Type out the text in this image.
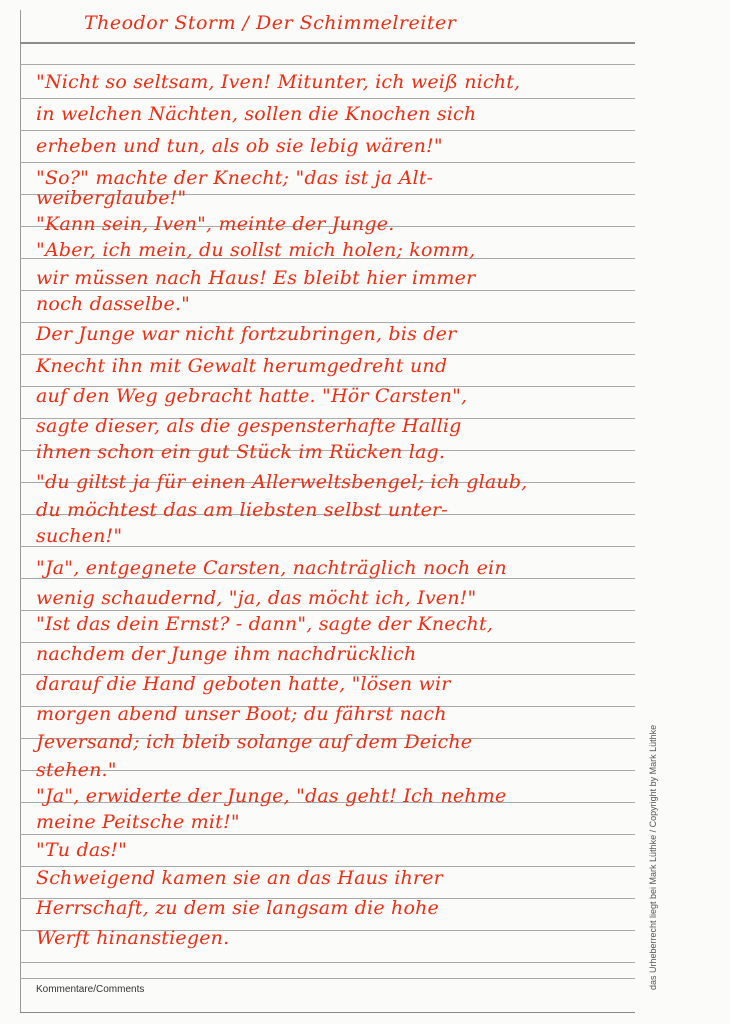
Theodor Storm / Der Schimmelreiter
"Nicht so seltsam, Iven! Mitunter, ich weiß nicht,
in welchen Nächten, sollen die Knochen sich
erheben und tun, als ob sie lebig wären!"
"So?" machte der Knecht; "das ist ja Alt-
weiberglaube!"
"Kann sein, Iven", meinte der Junge.
"Aber, ich mein, du sollst mich holen; komm,
wir müssen nach Haus! Es bleibt hier immer
noch dasselbe."
Der Junge war nicht fortzubringen, bis der
Knecht ihn mit Gewalt herumgedreht und
auf den Weg gebracht hatte. "Hör Carsten",
sagte dieser, als die gespensterhafte Hallig
ihnen schon ein gut Stück im Rücken lag.
"du giltst ja für einen Allerweltsbengel; ich glaub,
du möchtest das am liebsten selbst unter-
suchen!"
"Ja", entgegnete Carsten, nachträglich noch ein
wenig schaudernd, "ja, das möcht ich, Iven!"
"Ist das dein Ernst? - dann", sagte der Knecht,
nachdem der Junge ihm nachdrücklich
darauf die Hand geboten hatte, "lösen wir
morgen abend unser Boot; du fährst nach
Jeversand; ich bleib solange auf dem Deiche
stehen."
"Ja", erwiderte der Junge, "das geht! Ich nehme
meine Peitsche mit!"
"Tu das!"
Schweigend kamen sie an das Haus ihrer
Herrschaft, zu dem sie langsam die hohe
Werft hinanstiegen.
Kommentare/Comments	das Urheberrecht liegt bei Mark Lüthke / Copyright by Mark Lüthke
